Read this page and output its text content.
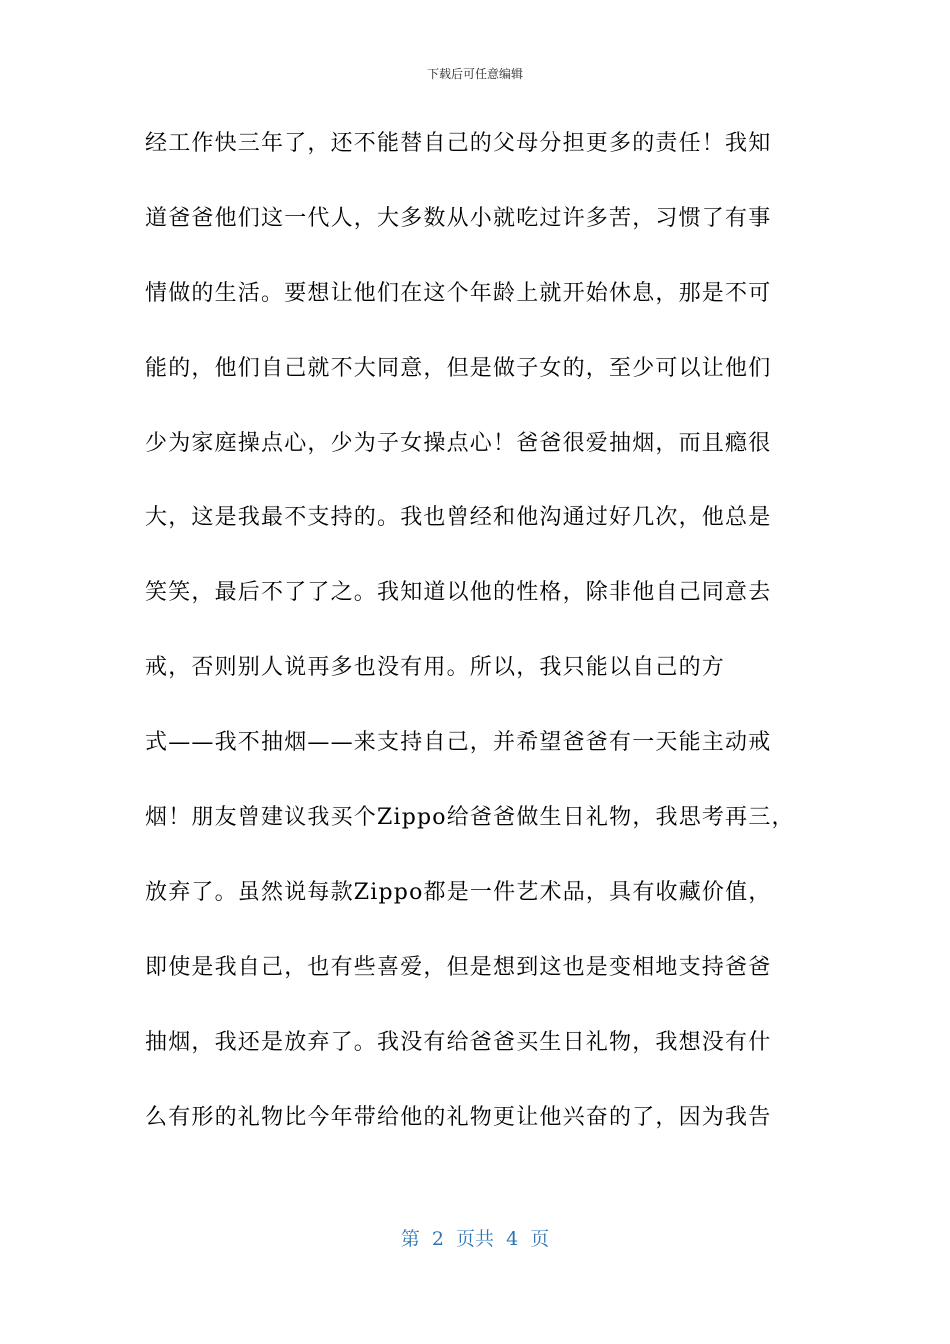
下载后可任意编辑
经工作快三年了，还不能替自己的父母分担更多的责任！我知
道爸爸他们这一代人，大多数从小就吃过许多苦，习惯了有事
情做的生活。要想让他们在这个年龄上就开始休息，那是不可
能的，他们自己就不大同意，但是做子女的，至少可以让他们
少为家庭操点心，少为子女操点心！爸爸很爱抽烟，而且瘾很
大，这是我最不支持的。我也曾经和他沟通过好几次，他总是
笑笑，最后不了了之。我知道以他的性格，除非他自己同意去
戒，否则别人说再多也没有用。所以，我只能以自己的方
式——我不抽烟——来支持自己，并希望爸爸有一天能主动戒
烟！朋友曾建议我买个Zippo给爸爸做生日礼物，我思考再三，
放弃了。虽然说每款Zippo都是一件艺术品，具有收藏价值，
即使是我自己，也有些喜爱，但是想到这也是变相地支持爸爸
抽烟，我还是放弃了。我没有给爸爸买生日礼物，我想没有什
么有形的礼物比今年带给他的礼物更让他兴奋的了，因为我告
第  2  页共  4  页
